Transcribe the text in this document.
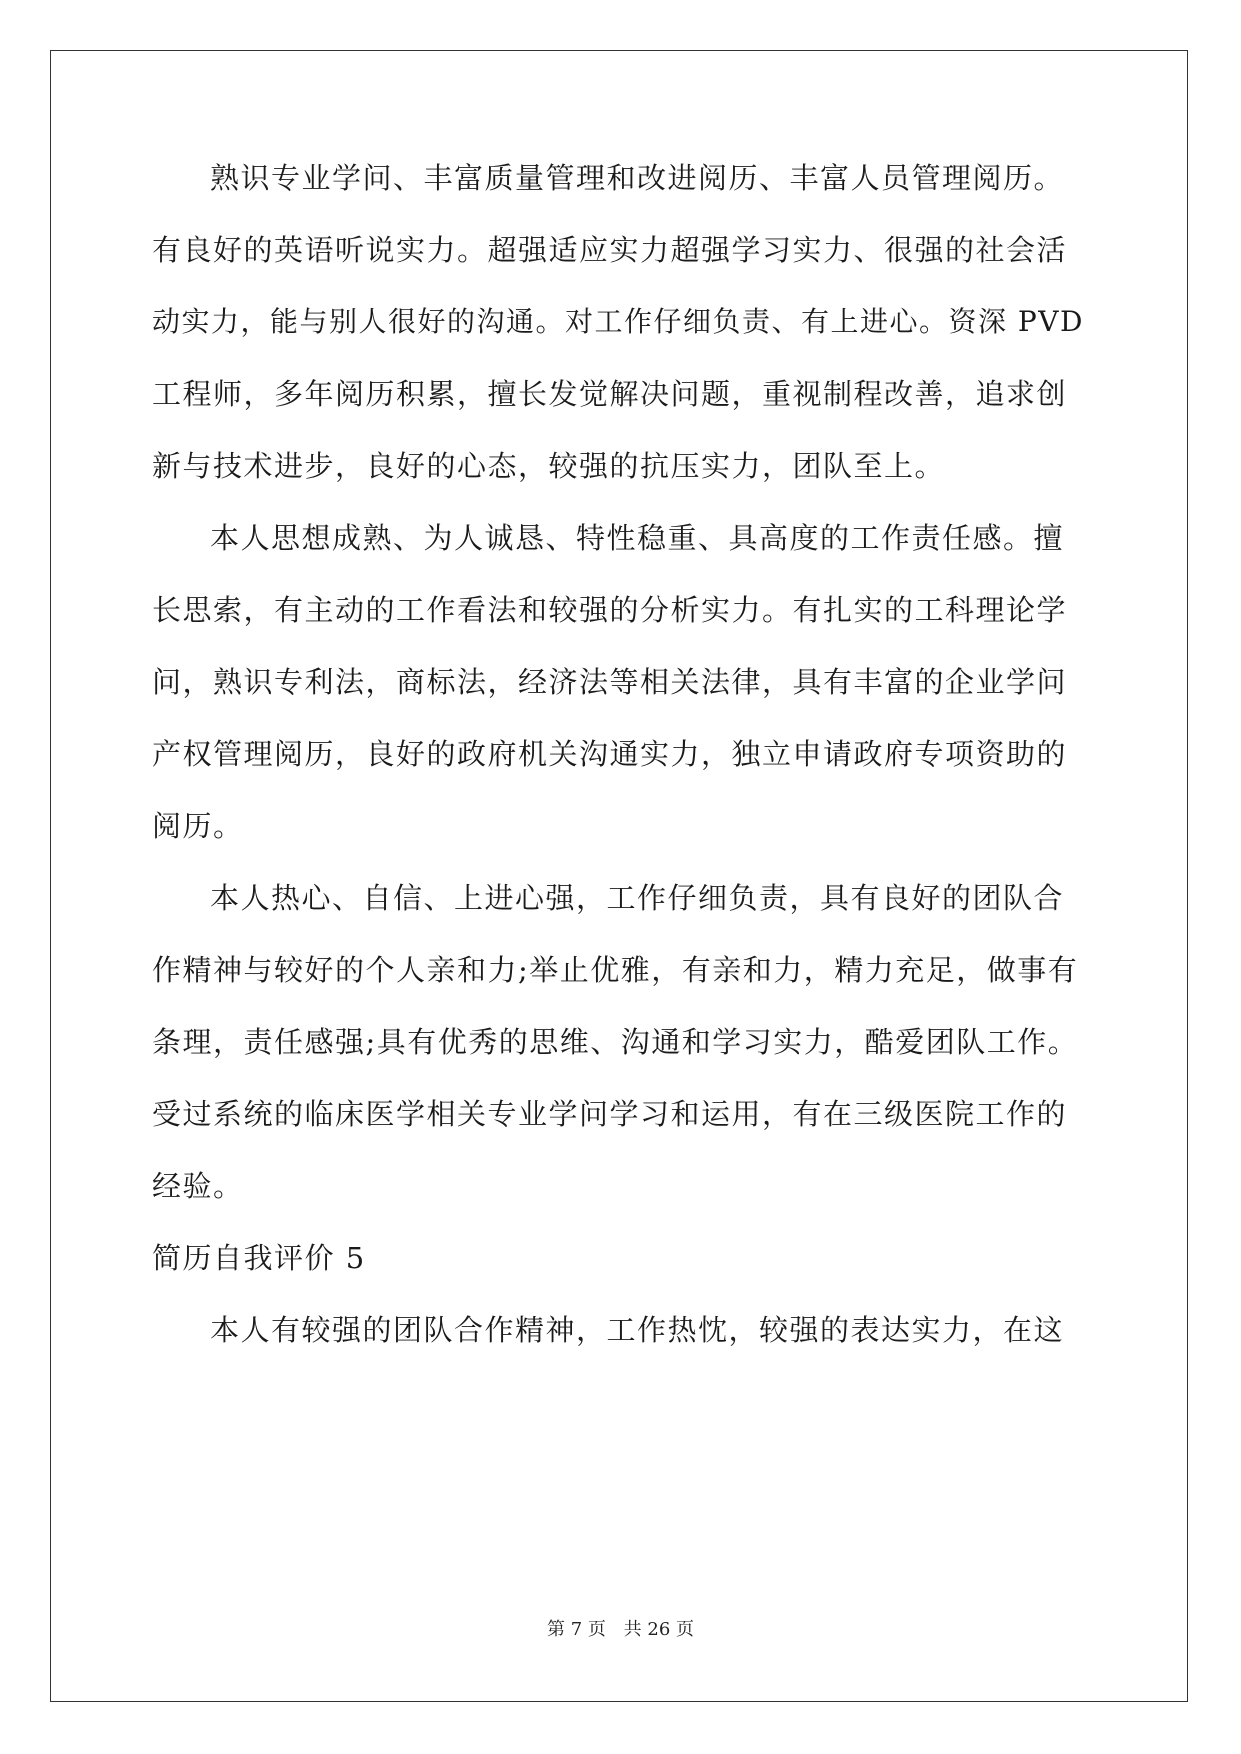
熟识专业学问、丰富质量管理和改进阅历、丰富人员管理阅历。
有良好的英语听说实力。超强适应实力超强学习实力、很强的社会活
动实力，能与别人很好的沟通。对工作仔细负责、有上进心。资深 PVD
工程师，多年阅历积累，擅长发觉解决问题，重视制程改善，追求创
新与技术进步，良好的心态，较强的抗压实力，团队至上。
本人思想成熟、为人诚恳、特性稳重、具高度的工作责任感。擅
长思索，有主动的工作看法和较强的分析实力。有扎实的工科理论学
问，熟识专利法，商标法，经济法等相关法律，具有丰富的企业学问
产权管理阅历，良好的政府机关沟通实力，独立申请政府专项资助的
阅历。
本人热心、自信、上进心强，工作仔细负责，具有良好的团队合
作精神与较好的个人亲和力;举止优雅，有亲和力，精力充足，做事有
条理，责任感强;具有优秀的思维、沟通和学习实力，酷爱团队工作。
受过系统的临床医学相关专业学问学习和运用，有在三级医院工作的
经验。
简历自我评价 5
本人有较强的团队合作精神，工作热忱，较强的表达实力，在这
第 7 页 共 26 页
